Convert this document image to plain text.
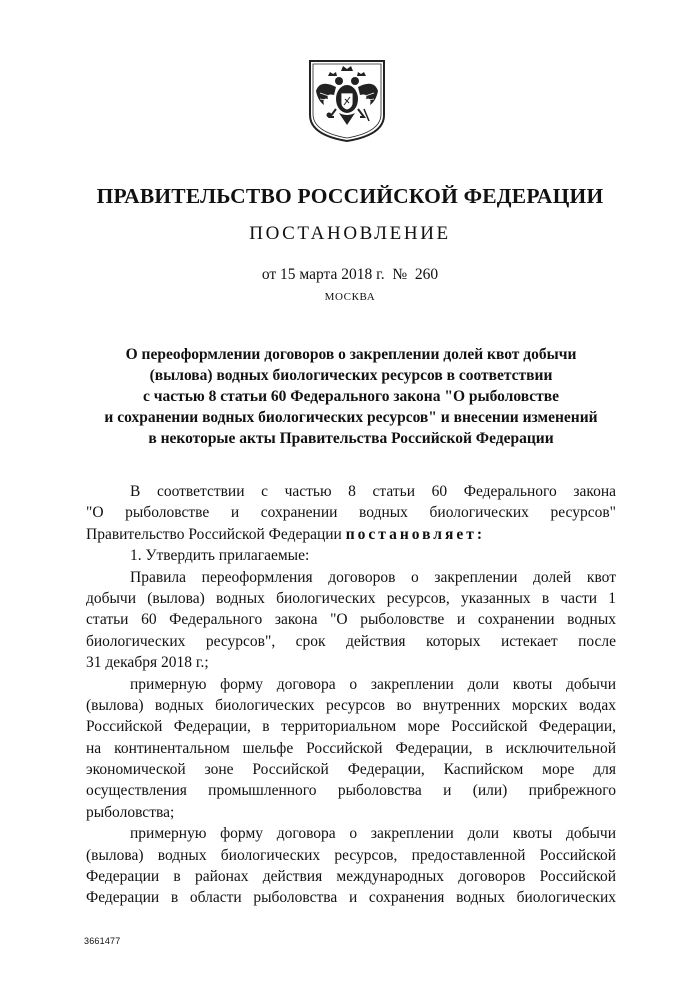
ПРАВИТЕЛЬСТВО РОССИЙСКОЙ ФЕДЕРАЦИИ
ПОСТАНОВЛЕНИЕ
от 15 марта 2018 г.  №  260
МОСКВА
О переоформлении договоров о закреплении долей квот добычи
(вылова) водных биологических ресурсов в соответствии
с частью 8 статьи 60 Федерального закона "О рыболовстве
и сохранении водных биологических ресурсов" и внесении изменений
в некоторые акты Правительства Российской Федерации
В соответствии с частью 8 статьи 60 Федерального закона
"О рыболовстве и сохранении водных биологических ресурсов"
Правительство Российской Федерации постановляет:
1. Утвердить прилагаемые:
Правила переоформления договоров о закреплении долей квот
добычи (вылова) водных биологических ресурсов, указанных в части 1
статьи 60 Федерального закона "О рыболовстве и сохранении водных
биологических ресурсов", срок действия которых истекает после
31 декабря 2018 г.;
примерную форму договора о закреплении доли квоты добычи
(вылова) водных биологических ресурсов во внутренних морских водах
Российской Федерации, в территориальном море Российской Федерации,
на континентальном шельфе Российской Федерации, в исключительной
экономической зоне Российской Федерации, Каспийском море для
осуществления промышленного рыболовства и (или) прибрежного
рыболовства;
примерную форму договора о закреплении доли квоты добычи
(вылова) водных биологических ресурсов, предоставленной Российской
Федерации в районах действия международных договоров Российской
Федерации в области рыболовства и сохранения водных биологических
3661477
